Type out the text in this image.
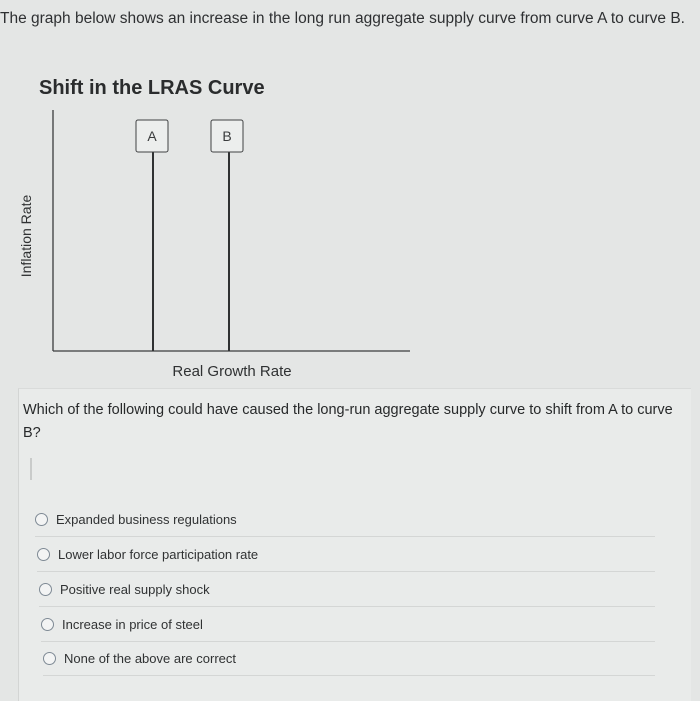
The graph below shows an increase in the long run aggregate supply curve from curve A to curve B.
Shift in the LRAS Curve
A	B
Inflation Rate
Real Growth Rate
Which of the following could have caused the long-run aggregate supply curve to shift from A to curve B?
Expanded business regulations
Lower labor force participation rate
Positive real supply shock
Increase in price of steel
None of the above are correct
